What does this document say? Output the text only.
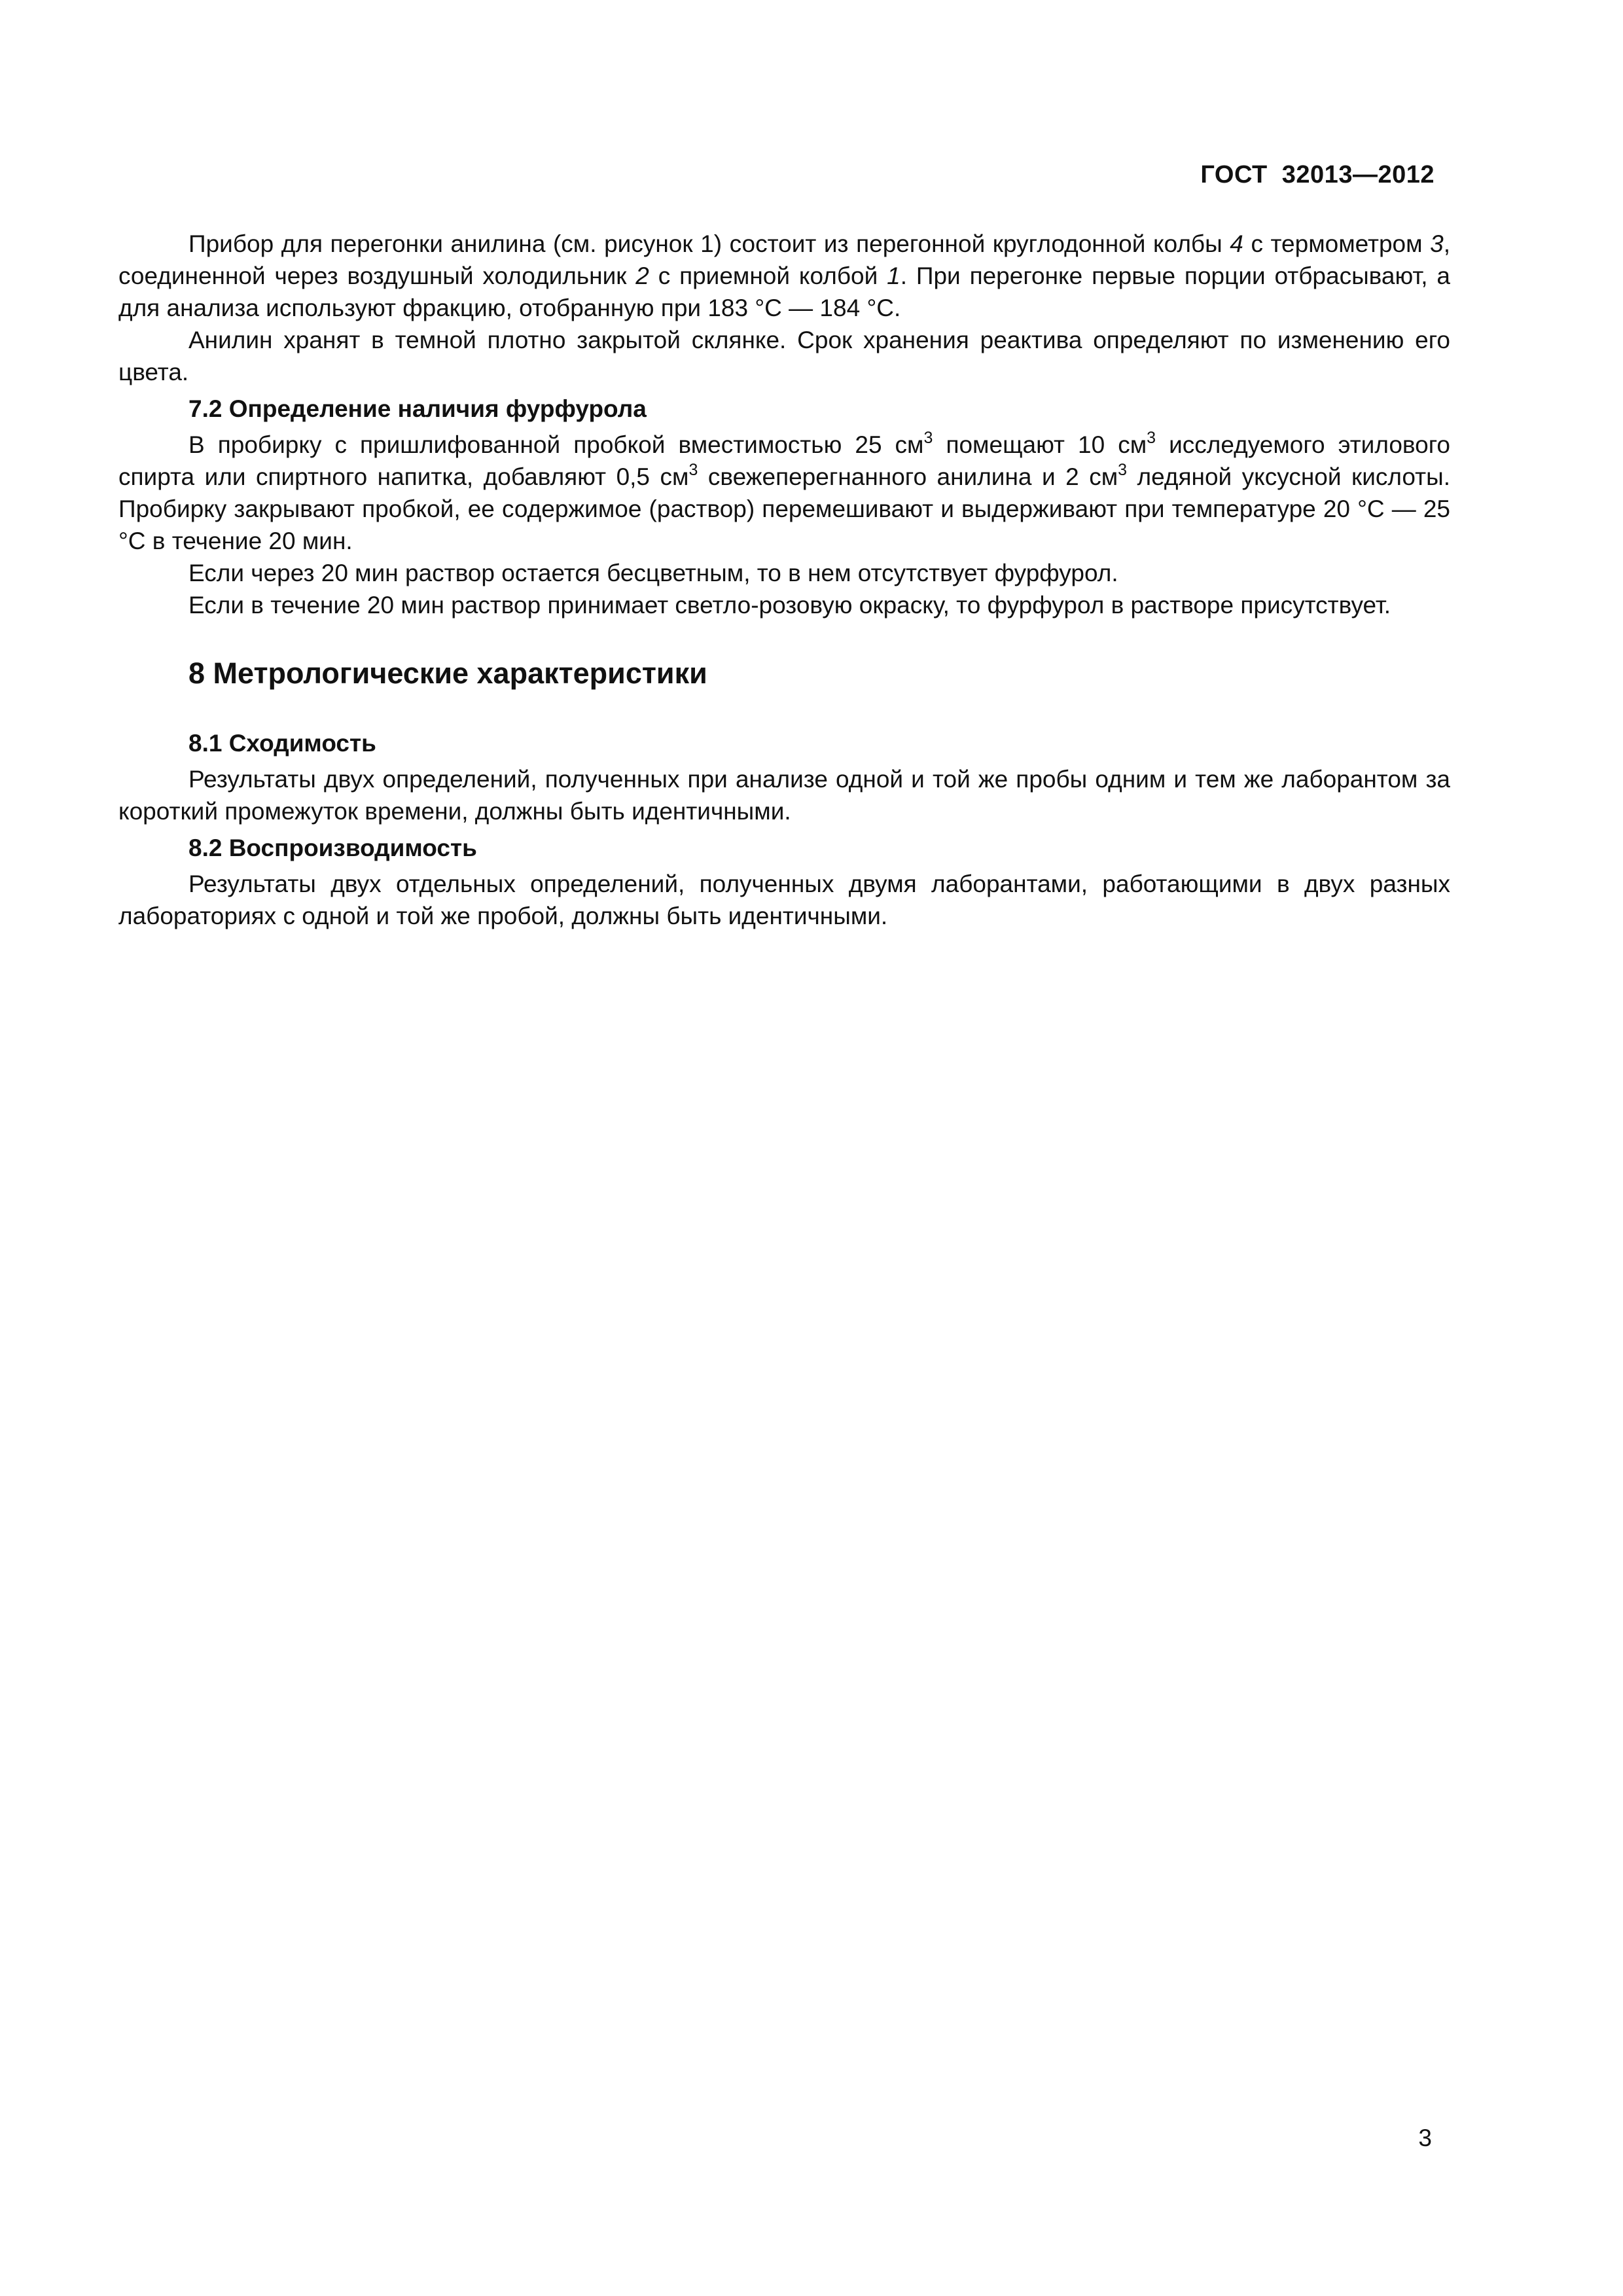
ГОСТ  32013—2012

Прибор для перегонки анилина (см. рисунок 1) состоит из перегонной круглодонной колбы 4 с термометром 3, соединенной через воздушный холодильник 2 с приемной колбой 1. При перегонке первые порции отбрасывают, а для анализа используют фракцию, отобранную при 183 °С — 184 °С.

Анилин хранят в темной плотно закрытой склянке. Срок хранения реактива определяют по изменению его цвета.

7.2 Определение наличия фурфурола

В пробирку с пришлифованной пробкой вместимостью 25 $см^3$ помещают 10 $см^3$ исследуемого этилового спирта или спиртного напитка, добавляют 0,5 $см^3$ свежеперегнанного анилина и 2 $см^3$ ледяной уксусной кислоты. Пробирку закрывают пробкой, ее содержимое (раствор) перемешивают и выдерживают при температуре 20 °С — 25 °С в течение 20 мин.

Если через 20 мин раствор остается бесцветным, то в нем отсутствует фурфурол.

Если в течение 20 мин раствор принимает светло-розовую окраску, то фурфурол в растворе присутствует.

8 Метрологические характеристики
8.1 Сходимость

Результаты двух определений, полученных при анализе одной и той же пробы одним и тем же лаборантом за короткий промежуток времени, должны быть идентичными.

8.2 Воспроизводимость

Результаты двух отдельных определений, полученных двумя лаборантами, работающими в двух разных лабораториях с одной и той же пробой, должны быть идентичными.

3
